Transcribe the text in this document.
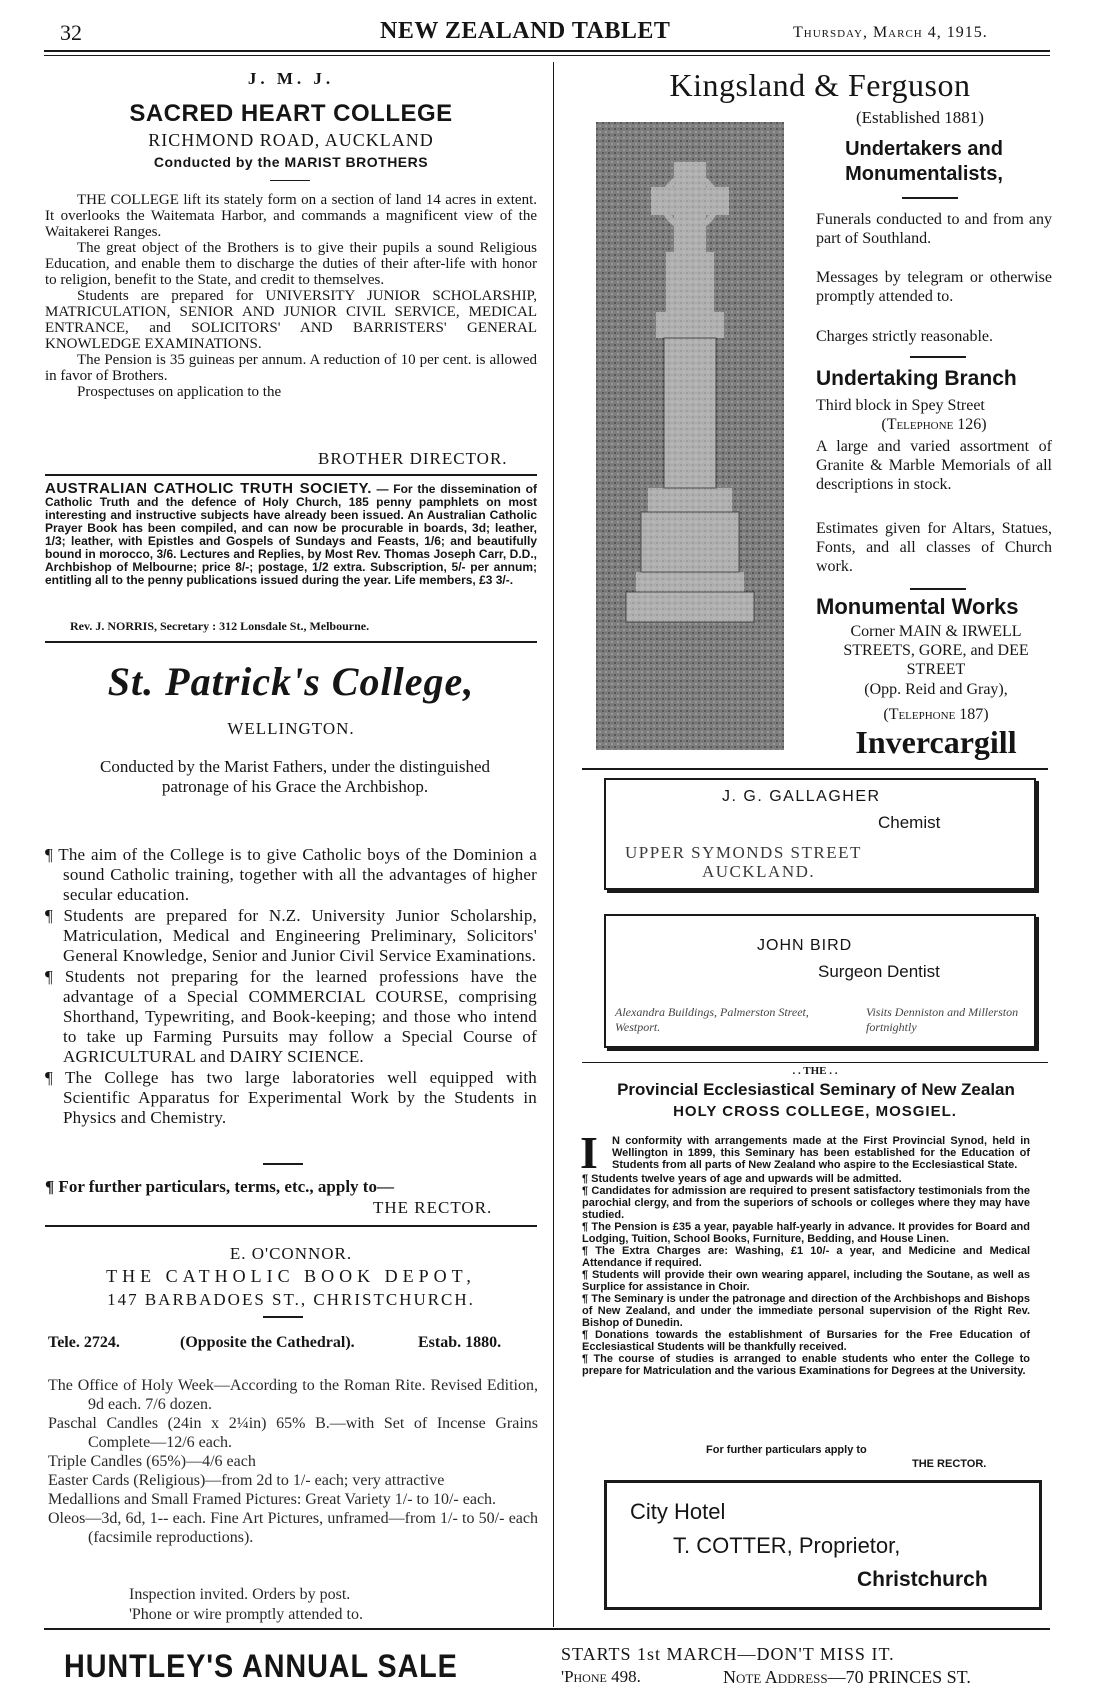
32	NEW ZEALAND TABLET	Thursday, March 4, 1915.
J. M. J.
SACRED HEART COLLEGE
RICHMOND ROAD, AUCKLAND
Conducted by the MARIST BROTHERS

THE COLLEGE lift its stately form on a section of land 14 acres in extent. It overlooks the Waitemata Harbor, and commands a magnificent view of the Waitakerei Ranges.

The great object of the Brothers is to give their pupils a sound Religious Education, and enable them to discharge the duties of their after-life with honor to religion, benefit to the State, and credit to themselves.

Students are prepared for UNIVERSITY JUNIOR SCHOLARSHIP, MATRICULATION, SENIOR AND JUNIOR CIVIL SERVICE, MEDICAL ENTRANCE, and SOLICITORS' AND BARRISTERS' GENERAL KNOWLEDGE EXAMINATIONS.

The Pension is 35 guineas per annum. A reduction of 10 per cent. is allowed in favor of Brothers.

Prospectuses on application to the

BROTHER DIRECTOR.
AUSTRALIAN CATHOLIC TRUTH SOCIETY. — For the dissemination of Catholic Truth and the defence of Holy Church, 185 penny pamphlets on most interesting and instructive subjects have already been issued. An Australian Catholic Prayer Book has been compiled, and can now be procurable in boards, 3d; leather, 1/3; leather, with Epistles and Gospels of Sundays and Feasts, 1/6; and beautifully bound in morocco, 3/6. Lectures and Replies, by Most Rev. Thomas Joseph Carr, D.D., Archbishop of Melbourne; price 8/-; postage, 1/2 extra. Subscription, 5/- per annum; entitling all to the penny publications issued during the year. Life members, £3 3/-.
Rev. J. NORRIS, Secretary : 312 Lonsdale St., Melbourne.
St. Patrick's College,
WELLINGTON.
Conducted by the Marist Fathers, under the distinguished patronage of his Grace the Archbishop.

¶ The aim of the College is to give Catholic boys of the Dominion a sound Catholic training, together with all the advantages of higher secular education.

¶ Students are prepared for N.Z. University Junior Scholarship, Matriculation, Medical and Engineering Preliminary, Solicitors' General Knowledge, Senior and Junior Civil Service Examinations.

¶ Students not preparing for the learned professions have the advantage of a Special COMMERCIAL COURSE, comprising Shorthand, Typewriting, and Book-keeping; and those who intend to take up Farming Pursuits may follow a Special Course of AGRICULTURAL and DAIRY SCIENCE.

¶ The College has two large laboratories well equipped with Scientific Apparatus for Experimental Work by the Students in Physics and Chemistry.

¶ For further particulars, terms, etc., apply to—
THE RECTOR.
E. O'CONNOR.
THE CATHOLIC BOOK DEPOT,
147 BARBADOES ST., CHRISTCHURCH.
Tele. 2724.	(Opposite the Cathedral).	Estab. 1880.

The Office of Holy Week—According to the Roman Rite. Revised Edition, 9d each. 7/6 dozen.

Paschal Candles (24in x 2¼in) 65% B.—with Set of Incense Grains Complete—12/6 each.

Triple Candles (65%)—4/6 each

Easter Cards (Religious)—from 2d to 1/- each; very attractive

Medallions and Small Framed Pictures: Great Variety 1/- to 10/- each.

Oleos—3d, 6d, 1-- each. Fine Art Pictures, unframed—from 1/- to 50/- each (facsimile reproductions).

Inspection invited. Orders by post.
'Phone or wire promptly attended to.
Kingsland & Ferguson
(Established 1881)
Undertakers and Monumentalists,
Funerals conducted to and from any part of Southland.
Messages by telegram or otherwise promptly attended to.
Charges strictly reasonable.
Undertaking Branch
Third block in Spey Street
(Telephone 126)
A large and varied assortment of Granite & Marble Memorials of all descriptions in stock.
Estimates given for Altars, Statues, Fonts, and all classes of Church work.
Monumental Works
Corner MAIN & IRWELL STREETS, GORE, and DEE STREET
(Opp. Reid and Gray),
(Telephone 187)
Invercargill
J. G. GALLAGHER
Chemist
UPPER SYMONDS STREET
AUCKLAND.
JOHN BIRD
Surgeon Dentist
Alexandra Buildings, Palmerston Street, Westport.
Visits Denniston and Millerston fortnightly
. . THE . .
Provincial Ecclesiastical Seminary of New Zealan
HOLY CROSS COLLEGE, MOSGIEL.
I	N conformity with arrangements made at the First Provincial Synod, held in Wellington in 1899, this Seminary has been established for the Education of Students from all parts of New Zealand who aspire to the Ecclesiastical State.

¶ Students twelve years of age and upwards will be admitted.

¶ Candidates for admission are required to present satisfactory testimonials from the parochial clergy, and from the superiors of schools or colleges where they may have studied.

¶ The Pension is £35 a year, payable half-yearly in advance. It provides for Board and Lodging, Tuition, School Books, Furniture, Bedding, and House Linen.

¶ The Extra Charges are: Washing, £1 10/- a year, and Medicine and Medical Attendance if required.

¶ Students will provide their own wearing apparel, including the Soutane, as well as Surplice for assistance in Choir.

¶ The Seminary is under the patronage and direction of the Archbishops and Bishops of New Zealand, and under the immediate personal supervision of the Right Rev. Bishop of Dunedin.

¶ Donations towards the establishment of Bursaries for the Free Education of Ecclesiastical Students will be thankfully received.

¶ The course of studies is arranged to enable students who enter the College to prepare for Matriculation and the various Examinations for Degrees at the University.

For further particulars apply to
THE RECTOR.
City Hotel
T. COTTER, Proprietor,
Christchurch
HUNTLEY'S ANNUAL SALE	STARTS 1st MARCH—DON'T MISS IT.
'Phone 498.	Note Address—70 PRINCES ST.
